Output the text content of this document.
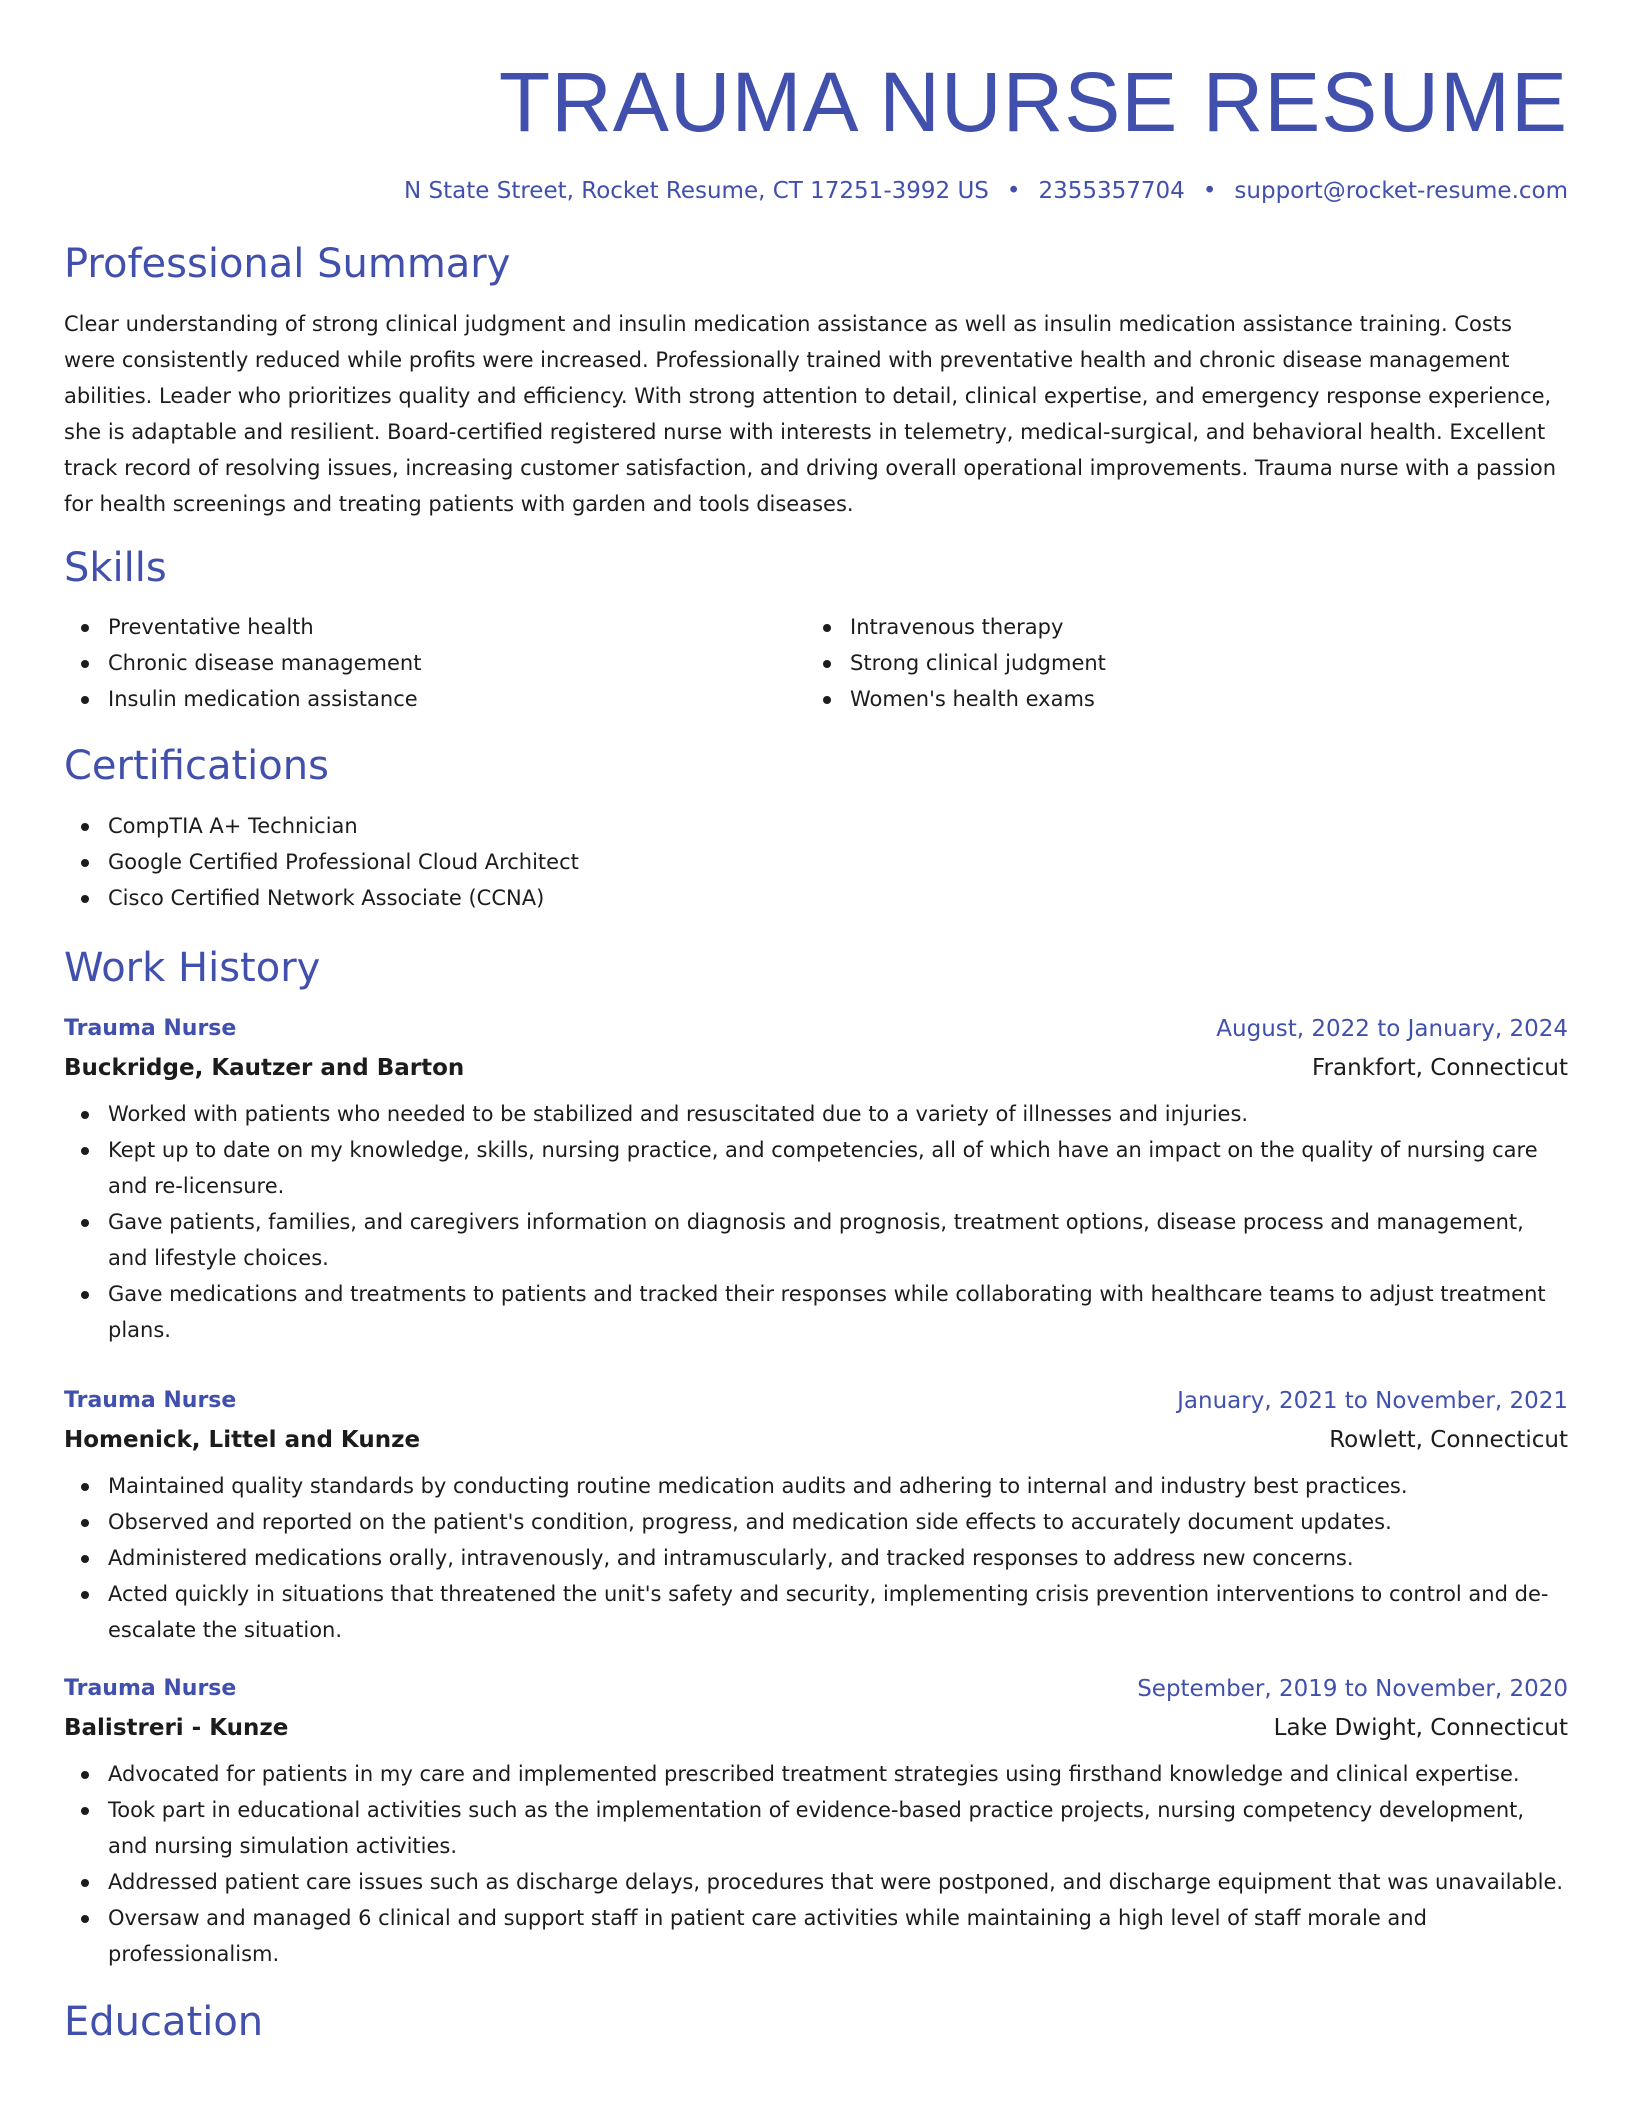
TRAUMA NURSE RESUME
N State Street, Rocket Resume, CT 17251-3992 US • 2355357704 • support@rocket-resume.com
Professional Summary

Clear understanding of strong clinical judgment and insulin medication assistance as well as insulin medication assistance training. Costs were consistently reduced while profits were increased. Professionally trained with preventative health and chronic disease management abilities. Leader who prioritizes quality and efficiency. With strong attention to detail, clinical expertise, and emergency response experience, she is adaptable and resilient. Board-certified registered nurse with interests in telemetry, medical-surgical, and behavioral health. Excellent track record of resolving issues, increasing customer satisfaction, and driving overall operational improvements. Trauma nurse with a passion for health screenings and treating patients with garden and tools diseases.

Skills
Preventative health
Chronic disease management
Insulin medication assistance
Intravenous therapy
Strong clinical judgment
Women's health exams
Certifications
CompTIA A+ Technician
Google Certified Professional Cloud Architect
Cisco Certified Network Associate (CCNA)
Work History
Trauma Nurse	August, 2022 to January, 2024
Buckridge, Kautzer and Barton	Frankfort, Connecticut
Worked with patients who needed to be stabilized and resuscitated due to a variety of illnesses and injuries.
Kept up to date on my knowledge, skills, nursing practice, and competencies, all of which have an impact on the quality of nursing care and re-licensure.
Gave patients, families, and caregivers information on diagnosis and prognosis, treatment options, disease process and management, and lifestyle choices.
Gave medications and treatments to patients and tracked their responses while collaborating with healthcare teams to adjust treatment plans.
Trauma Nurse	January, 2021 to November, 2021
Homenick, Littel and Kunze	Rowlett, Connecticut
Maintained quality standards by conducting routine medication audits and adhering to internal and industry best practices.
Observed and reported on the patient's condition, progress, and medication side effects to accurately document updates.
Administered medications orally, intravenously, and intramuscularly, and tracked responses to address new concerns.
Acted quickly in situations that threatened the unit's safety and security, implementing crisis prevention interventions to control and de-escalate the situation.
Trauma Nurse	September, 2019 to November, 2020
Balistreri - Kunze	Lake Dwight, Connecticut
Advocated for patients in my care and implemented prescribed treatment strategies using firsthand knowledge and clinical expertise.
Took part in educational activities such as the implementation of evidence-based practice projects, nursing competency development, and nursing simulation activities.
Addressed patient care issues such as discharge delays, procedures that were postponed, and discharge equipment that was unavailable.
Oversaw and managed 6 clinical and support staff in patient care activities while maintaining a high level of staff morale and professionalism.
Education
